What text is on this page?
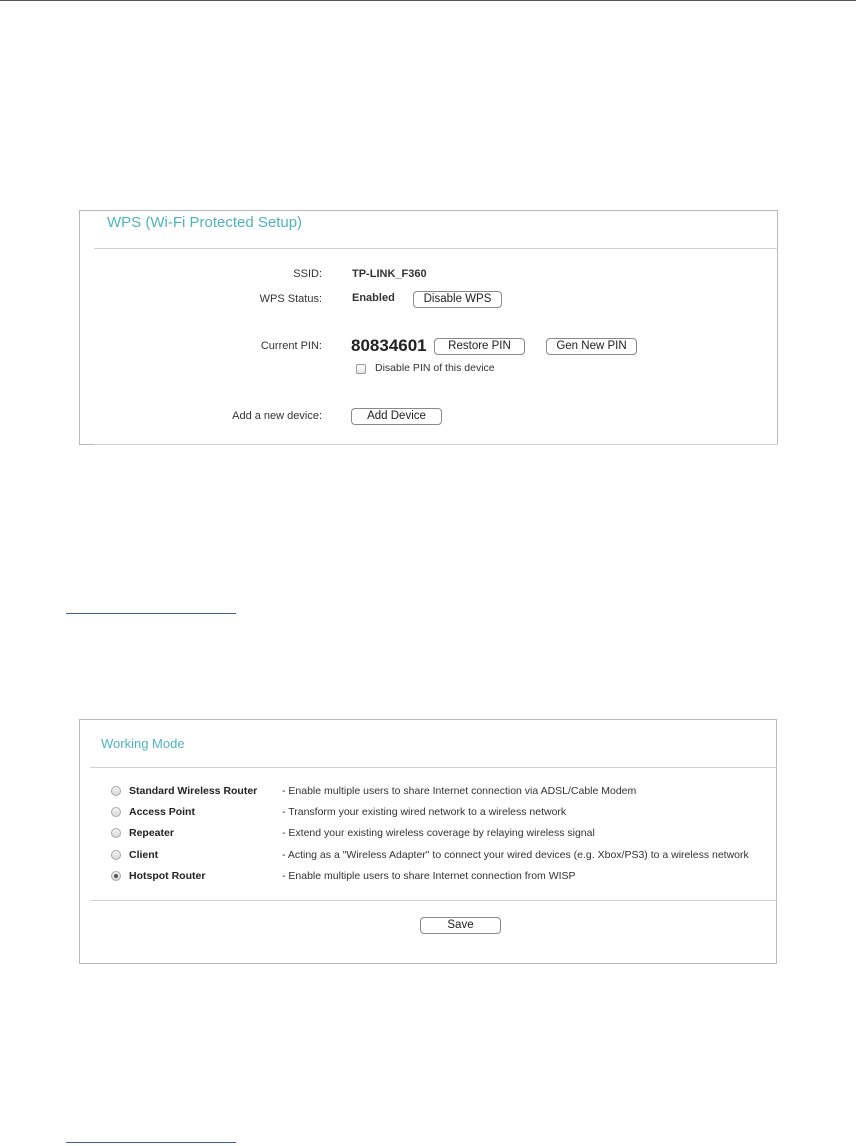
WPS (Wi-Fi Protected Setup)
SSID:	TP-LINK_F360
WPS Status:	Enabled	Disable WPS
Current PIN: 80834601	Restore PIN	Gen New PIN
Disable PIN of this device
Add a new device:	Add Device
Working Mode
Standard Wireless Router - Enable multiple users to share Internet connection via ADSL/Cable Modem
Access Point	- Transform your existing wired network to a wireless network
Repeater	- Extend your existing wireless coverage by relaying wireless signal
Client	- Acting as a "Wireless Adapter" to connect your wired devices (e.g. Xbox/PS3) to a wireless network
Hotspot Router	- Enable multiple users to share Internet connection from WISP
Save
